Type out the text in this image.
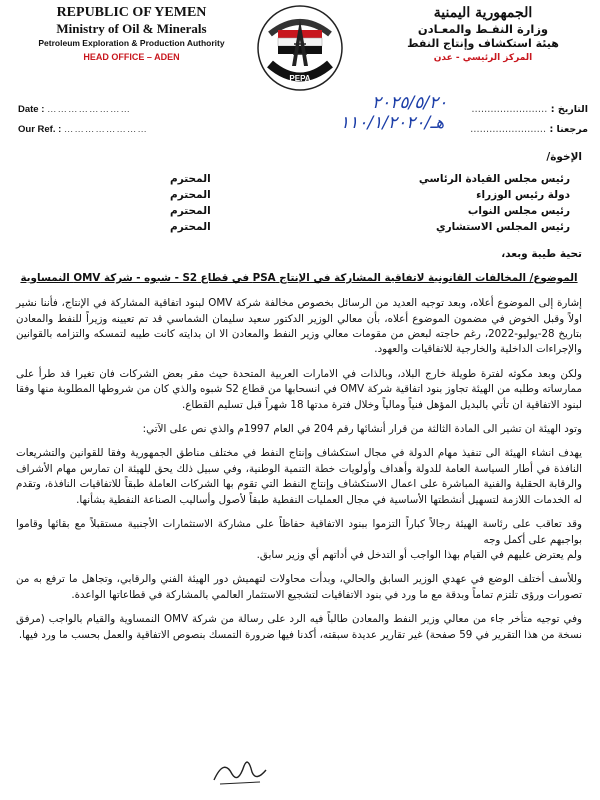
REPUBLIC OF YEMEN
Ministry of Oil & Minerals
Petroleum Exploration & Production Authority
HEAD OFFICE – ADEN
PEPA
الجمهورية اليمنية
وزارة النفـط والمعـادن
هيئة استكشاف وإنتاج النفط
المركز الرئيسي - عدن
Date : ……………………
Our Ref. : ……………………
التاريخ : ……………………
مرجعنا : ……………………
٢٠٢٥/٥/٢٠
هـ/١١٠/١/٢٠٢٠
الإخوة/
رئيس مجلس القيادة الرئاسي
المحترم
دولة رئيس الوزراء
المحترم
رئيس مجلس النواب
المحترم
رئيس المجلس الاستشاري
المحترم
تحية طيبة وبعد،
الموضوع/ المخالفات القانونية لاتفاقية المشاركة في الإنتاج PSA في قطاع S2 - شبوه - شركة OMV النمساوية

إشارة إلى الموضوع أعلاه، وبعد توجيه العديد من الرسائل بخصوص مخالفة شركة OMV لبنود اتفاقية المشاركة في الإنتاج، فأننا نشير اولاً وقبل الخوض في مضمون الموضوع أعلاه، بأن معالي الوزير الدكتور سعيد سليمان الشماسي قد تم تعيينه وزيراً للنفط والمعادن بتاريخ 28-يوليو-2022، رغم حاجته لبعض من مقومات معالي وزير النفط والمعادن الا ان بدايته كانت طيبه لتمسكه والتزامه بالقوانين والإجراءات الداخلية والخارجية للاتفاقيات والعهود.

ولكن وبعد مكوثه لفترة طويلة خارج البلاد، وبالذات في الامارات العربية المتحدة حيث مقر بعض الشركات فان تغيرا قد طرأ على ممارساته وطلبه من الهيئة تجاوز بنود اتفاقية شركة OMV في انسحابها من قطاع S2 شبوه والذي كان من شروطها المطلوبة منها وفقا لبنود الاتفاقية ان تأتي بالبديل المؤهل فنياً ومالياً وخلال فترة مدتها 18 شهراً قبل تسليم القطاع.

وتود الهيئة ان تشير الى المادة الثالثة من قرار أنشائها رقم 204 في العام 1997م والذي نص على الآتي:

يهدف انشاء الهيئة الى تنفيذ مهام الدولة في مجال استكشاف وإنتاج النفط في مختلف مناطق الجمهورية وفقا للقوانين والتشريعات النافذة في أطار السياسة العامة للدولة وأهداف وأولويات خطة التنمية الوطنية، وفي سبيل ذلك يحق للهيئة ان تمارس مهام الأشراف والرقابة الحقلية والفنية المباشرة على اعمال الاستكشاف وإنتاج النفط التي تقوم بها الشركات العاملة طبقاً للاتفاقيات النافذة، وتقدم له الخدمات اللازمة لتسهيل أنشطتها الأساسية في مجال العمليات النفطية طبقاً لأصول وأساليب الصناعة النفطية بشأنها.

وقد تعاقب على رئاسة الهيئة رجالاً كباراً التزموا ببنود الاتفاقية حفاظاً على مشاركة الاستثمارات الأجنبية مستقبلاً مع بقائها وقاموا بواجبهم على أكمل وجه
ولم يعترض عليهم في القيام بهذا الواجب أو التدخل في أداتهم أي وزير سابق.

وللأسف أختلف الوضع في عهدي الوزير السابق والحالي، وبدأت محاولات لتهميش دور الهيئة الفني والرقابي، وتجاهل ما ترفع به من تصورات ورؤى تلتزم تماماً وبدقة مع ما ورد في بنود الاتفاقيات لتشجيع الاستثمار العالمي بالمشاركة في قطاعاتها الواعدة.

وفي توجيه متأخر جاء من معالي وزير النفط والمعادن طالباً فيه الرد على رسالة من شركة OMV النمساوية والقيام بالواجب (مرفق نسخة من هذا التقرير في 59 صفحة) غير تقارير عديدة سبقته، أكدنا فيها ضرورة التمسك بنصوص الاتفاقية والعمل بحسب ما ورد فيها.
